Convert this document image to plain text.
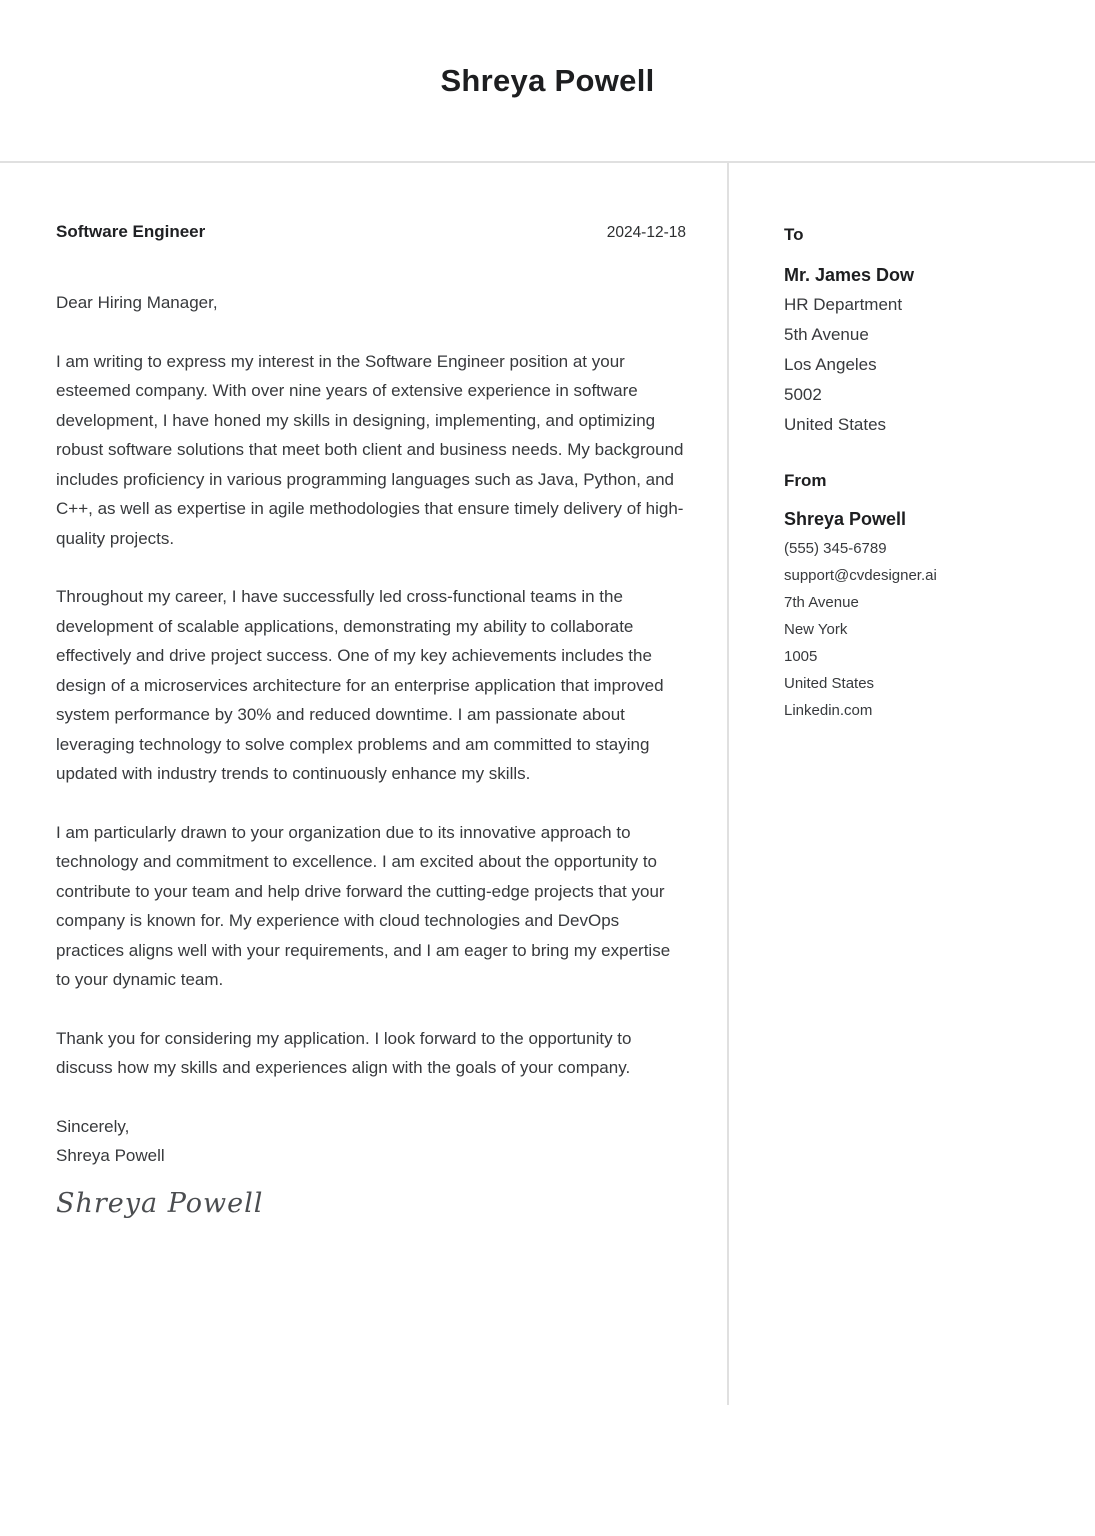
Shreya Powell
Software Engineer	2024-12-18

Dear Hiring Manager,

I am writing to express my interest in the Software Engineer position at your esteemed company. With over nine years of extensive experience in software development, I have honed my skills in designing, implementing, and optimizing robust software solutions that meet both client and business needs. My background includes proficiency in various programming languages such as Java, Python, and C++, as well as expertise in agile methodologies that ensure timely delivery of high-quality projects.

Throughout my career, I have successfully led cross-functional teams in the development of scalable applications, demonstrating my ability to collaborate effectively and drive project success. One of my key achievements includes the design of a microservices architecture for an enterprise application that improved system performance by 30% and reduced downtime. I am passionate about leveraging technology to solve complex problems and am committed to staying updated with industry trends to continuously enhance my skills.

I am particularly drawn to your organization due to its innovative approach to technology and commitment to excellence. I am excited about the opportunity to contribute to your team and help drive forward the cutting-edge projects that your company is known for. My experience with cloud technologies and DevOps practices aligns well with your requirements, and I am eager to bring my expertise to your dynamic team.

Thank you for considering my application. I look forward to the opportunity to discuss how my skills and experiences align with the goals of your company.

Sincerely,

Shreya Powell

Shreya Powell
To

Mr. James Dow

HR Department

5th Avenue

Los Angeles

5002

United States

From

Shreya Powell

(555) 345-6789

support@cvdesigner.ai

7th Avenue

New York

1005

United States

Linkedin.com
